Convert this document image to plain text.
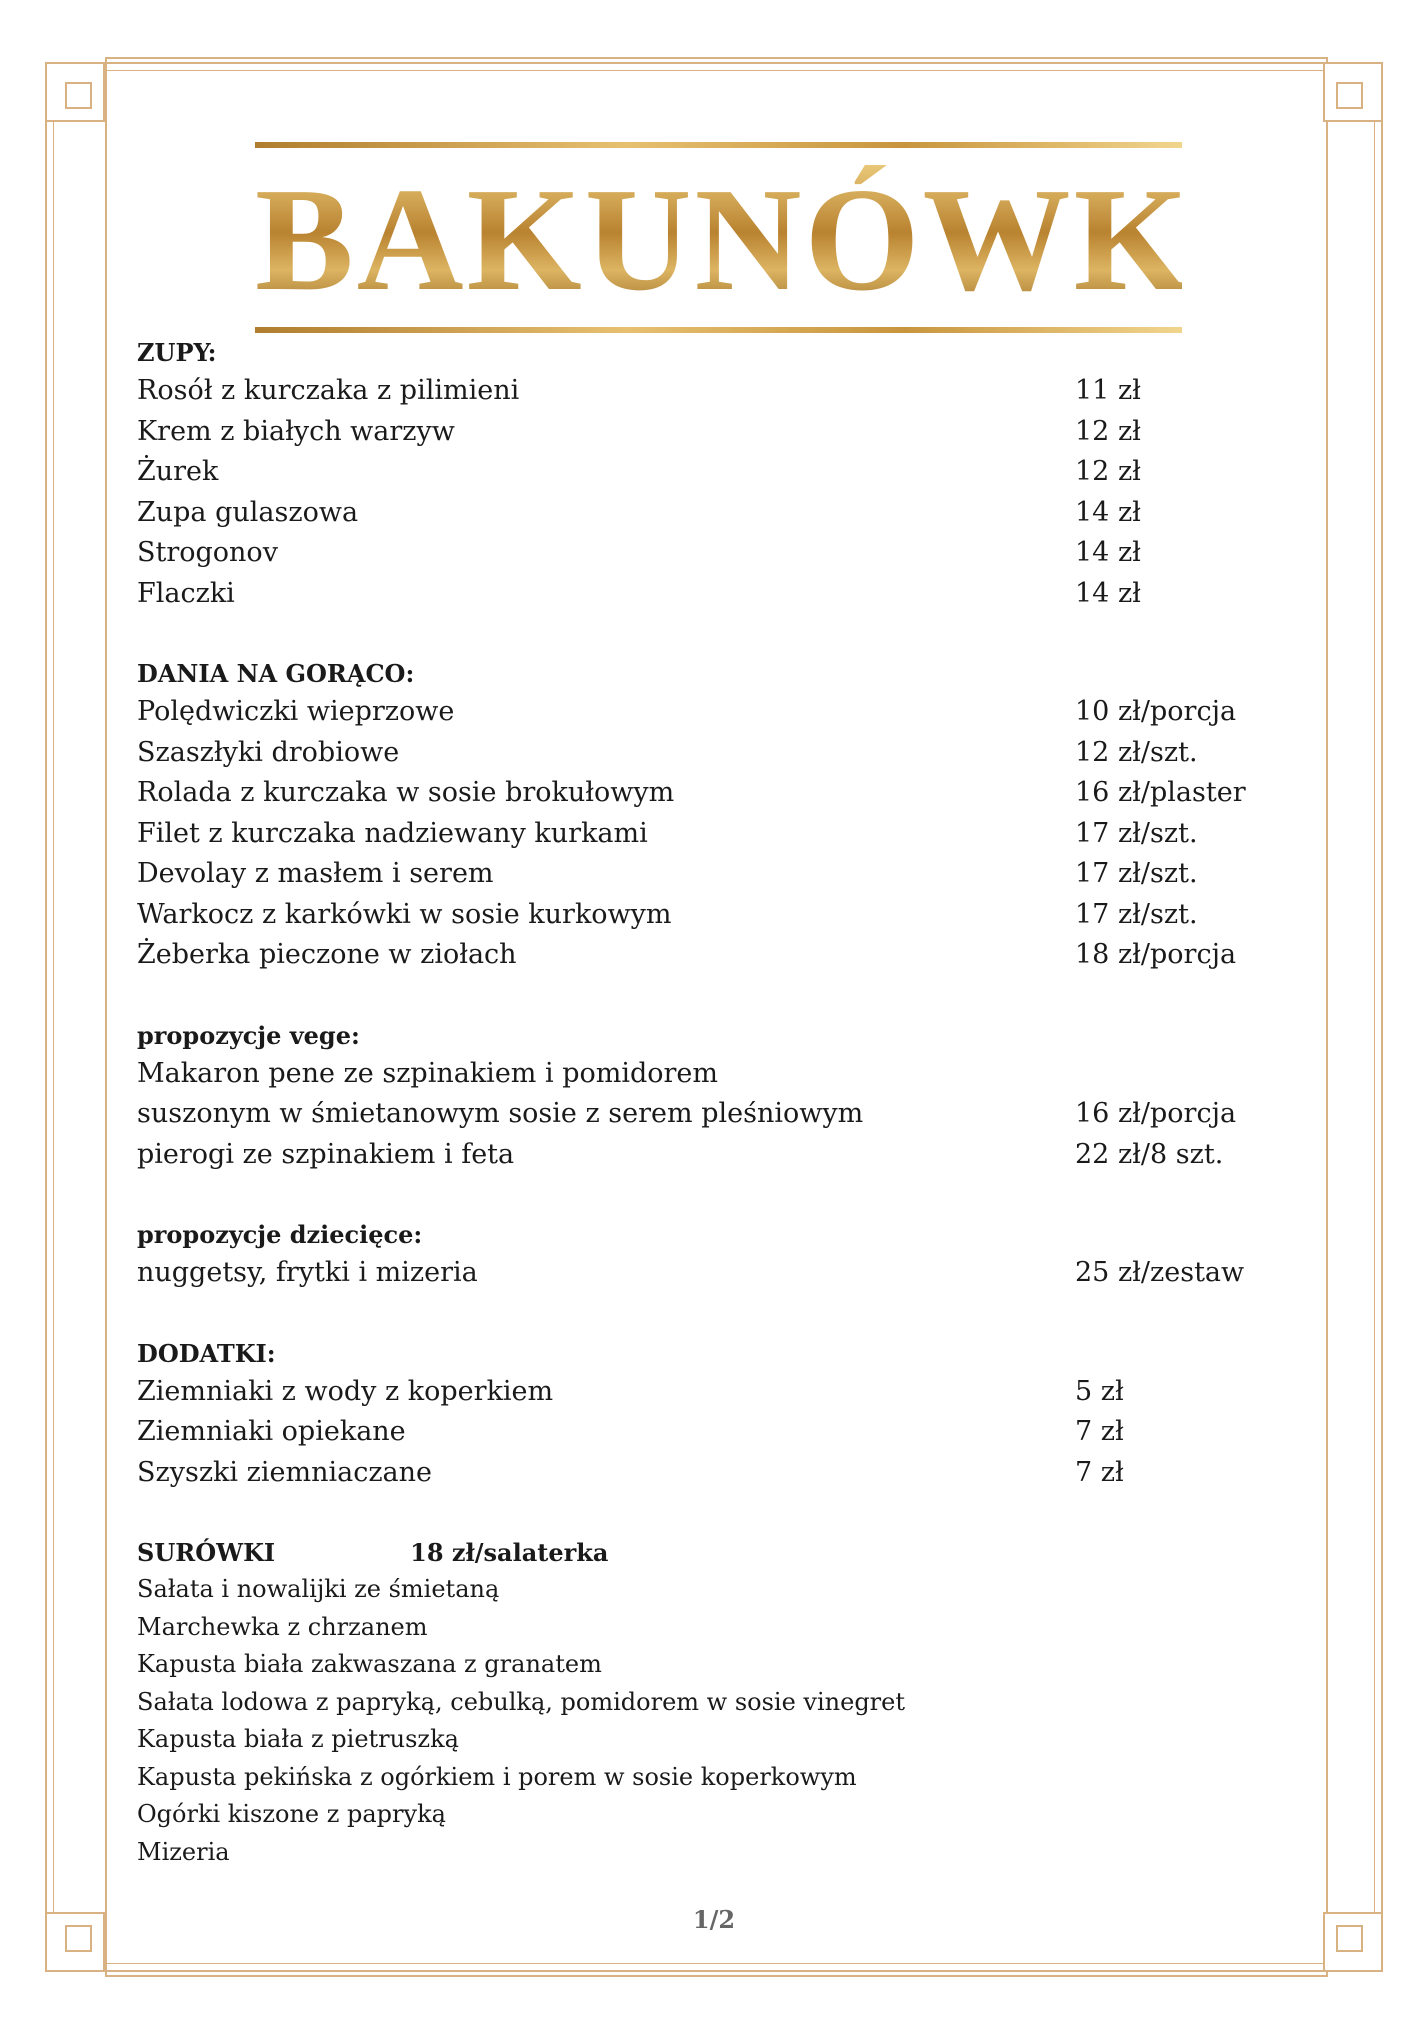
BAKUNÓWKA
ZUPY:
Rosół z kurczaka z pilimieni	11 zł
Krem z białych warzyw	12 zł
Żurek	12 zł
Zupa gulaszowa	14 zł
Strogonov	14 zł
Flaczki	14 zł
DANIA NA GORĄCO:
Polędwiczki wieprzowe	10 zł/porcja
Szaszłyki drobiowe	12 zł/szt.
Rolada z kurczaka w sosie brokułowym	16 zł/plaster
Filet z kurczaka nadziewany kurkami	17 zł/szt.
Devolay z masłem i serem	17 zł/szt.
Warkocz z karkówki w sosie kurkowym	17 zł/szt.
Żeberka pieczone w ziołach	18 zł/porcja
propozycje vege:
Makaron pene ze szpinakiem i pomidorem
suszonym w śmietanowym sosie z serem pleśniowym	16 zł/porcja
pierogi ze szpinakiem i feta	22 zł/8 szt.
propozycje dziecięce:
nuggetsy, frytki i mizeria	25 zł/zestaw
DODATKI:
Ziemniaki z wody z koperkiem	5 zł
Ziemniaki opiekane	7 zł
Szyszki ziemniaczane	7 zł
SURÓWKI	18 zł/salaterka
Sałata i nowalijki ze śmietaną
Marchewka z chrzanem
Kapusta biała zakwaszana z granatem
Sałata lodowa z papryką, cebulką, pomidorem w sosie vinegret
Kapusta biała z pietruszką
Kapusta pekińska z ogórkiem i porem w sosie koperkowym
Ogórki kiszone z papryką
Mizeria
1/2
